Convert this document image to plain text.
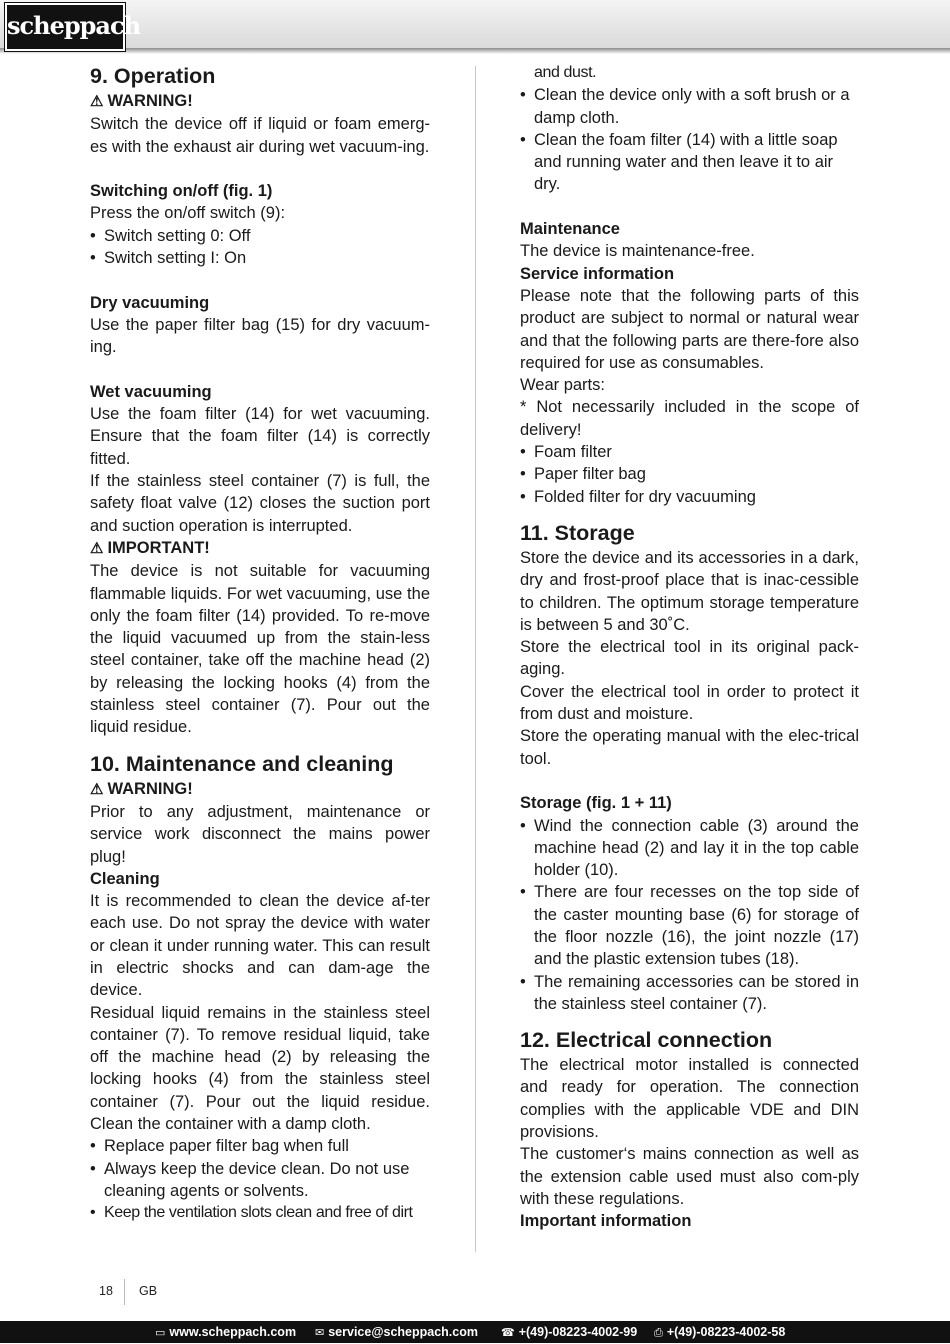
scheppach
9. Operation

⚠ WARNING!

Switch the device off if liquid or foam emerg-es with the exhaust air during wet vacuum-ing.

Switching on/off (fig. 1)

Press the on/off switch (9):

• Switch setting 0: Off
• Switch setting I: On

Dry vacuuming

Use the paper filter bag (15) for dry vacuum-ing.

Wet vacuuming

Use the foam filter (14) for wet vacuuming. Ensure that the foam filter (14) is correctly fitted.

If the stainless steel container (7) is full, the safety float valve (12) closes the suction port and suction operation is interrupted.

⚠ IMPORTANT!

The device is not suitable for vacuuming flammable liquids. For wet vacuuming, use the only the foam filter (14) provided. To re-move the liquid vacuumed up from the stain-less steel container, take off the machine head (2) by releasing the locking hooks (4) from the stainless steel container (7). Pour out the liquid residue.

10. Maintenance and cleaning

⚠ WARNING!

Prior to any adjustment, maintenance or service work disconnect the mains power plug!

Cleaning

It is recommended to clean the device af-ter each use. Do not spray the device with water or clean it under running water. This can result in electric shocks and can dam-age the device.

Residual liquid remains in the stainless steel container (7). To remove residual liquid, take off the machine head (2) by releasing the locking hooks (4) from the stainless steel container (7). Pour out the liquid residue. Clean the container with a damp cloth.

• Replace paper filter bag when full
• Always keep the device clean. Do not use cleaning agents or solvents.
• Keep the ventilation slots clean and free of dirt
and dust.
• Clean the device only with a soft brush or a damp cloth.
• Clean the foam filter (14) with a little soap and running water and then leave it to air dry.

Maintenance

The device is maintenance-free.

Service information

Please note that the following parts of this product are subject to normal or natural wear and that the following parts are there-fore also required for use as consumables.

Wear parts:

* Not necessarily included in the scope of delivery!

• Foam filter
• Paper filter bag
• Folded filter for dry vacuuming
11. Storage

Store the device and its accessories in a dark, dry and frost-proof place that is inac-cessible to children. The optimum storage temperature is between 5 and 30˚C.

Store the electrical tool in its original pack-aging.

Cover the electrical tool in order to protect it from dust and moisture.

Store the operating manual with the elec-trical tool.

Storage (fig. 1 + 11)

• Wind the connection cable (3) around the machine head (2) and lay it in the top cable holder (10).
• There are four recesses on the top side of the caster mounting base (6) for storage of the floor nozzle (16), the joint nozzle (17) and the plastic extension tubes (18).
• The remaining accessories can be stored in the stainless steel container (7).
12. Electrical connection

The electrical motor installed is connected and ready for operation. The connection complies with the applicable VDE and DIN provisions.

The customer‘s mains connection as well as the extension cable used must also com-ply with these regulations.

Important information

18 GB
▭ www.scheppach.com ✉ service@scheppach.com ☎ +(49)-08223-4002-99 ⎙ +(49)-08223-4002-58
